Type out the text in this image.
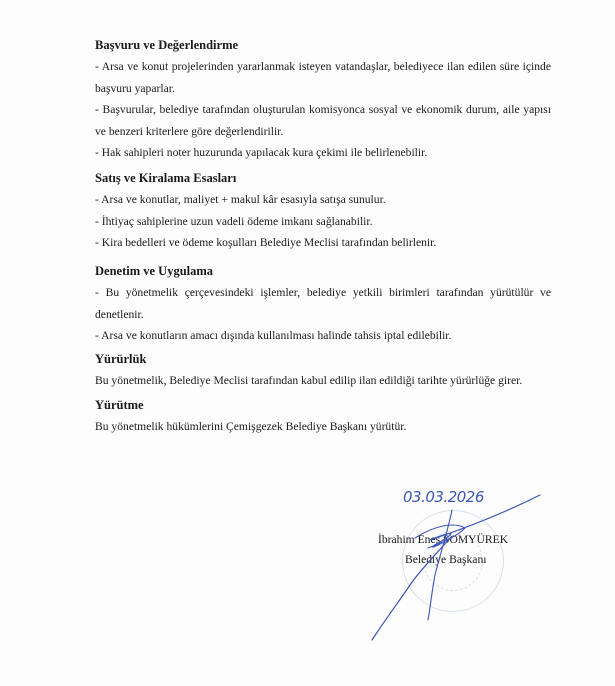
Başvuru ve Değerlendirme

- Arsa ve konut projelerinden yararlanmak isteyen vatandaşlar, belediyece ilan edilen süre içinde başvuru yaparlar.

- Başvurular, belediye tarafından oluşturulan komisyonca sosyal ve ekonomik durum, aile yapısı ve benzeri kriterlere göre değerlendirilir.

- Hak sahipleri noter huzurunda yapılacak kura çekimi ile belirlenebilir.

Satış ve Kiralama Esasları

- Arsa ve konutlar, maliyet + makul kâr esasıyla satışa sunulur.

- İhtiyaç sahiplerine uzun vadeli ödeme imkanı sağlanabilir.

- Kira bedelleri ve ödeme koşulları Belediye Meclisi tarafından belirlenir.

Denetim ve Uygulama

- Bu yönetmelik çerçevesindeki işlemler, belediye yetkili birimleri tarafından yürütülür ve denetlenir.

- Arsa ve konutların amacı dışında kullanılması halinde tahsis iptal edilebilir.

Yürürlük

Bu yönetmelik, Belediye Meclisi tarafından kabul edilip ilan edildiği tarihte yürürlüğe girer.

Yürütme

Bu yönetmelik hükümlerini Çemişgezek Belediye Başkanı yürütür.

03.03.2026
İbrahim Enes SOMYÜREK
Belediye Başkanı
